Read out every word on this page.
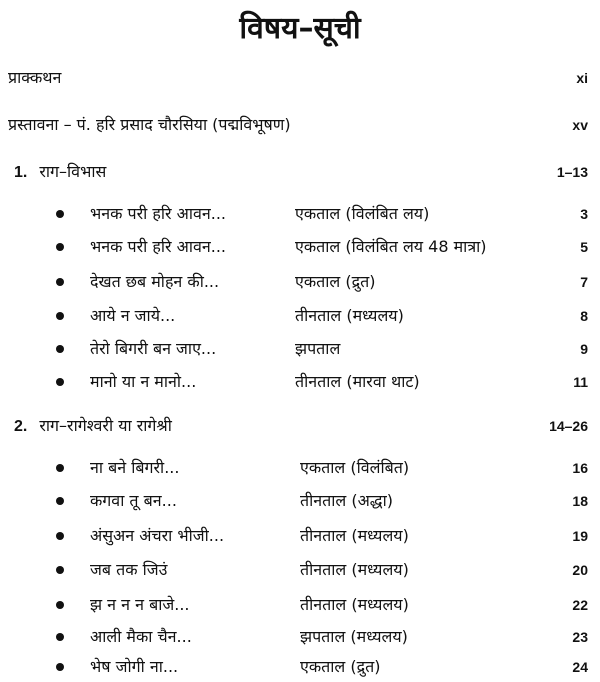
विषय–सूची
प्राक्कथन	xi
प्रस्तावना – पं. हरि प्रसाद चौरसिया (पद्मविभूषण)	xv
1. राग–विभास	1–13
भनक परी हरि आवन...	एकताल (विलंबित लय)	3
भनक परी हरि आवन...	एकताल (विलंबित लय 48 मात्रा)	5
देखत छब मोहन की...	एकताल (द्रुत)	7
आये न जाये...	तीनताल (मध्यलय)	8
तेरो बिगरी बन जाए...	झपताल	9
मानो या न मानो...	तीनताल (मारवा थाट)	11
2. राग–रागेश्वरी या रागेश्री	14–26
ना बने बिगरी...	एकताल (विलंबित)	16
कगवा तू बन...	तीनताल (अद्धा)	18
अंसुअन अंचरा भीजी...	तीनताल (मध्यलय)	19
जब तक जिउं	तीनताल (मध्यलय)	20
झ न न न बाजे...	तीनताल (मध्यलय)	22
आली मैका चैन...	झपताल (मध्यलय)	23
भेष जोगी ना...	एकताल (द्रुत)	24
